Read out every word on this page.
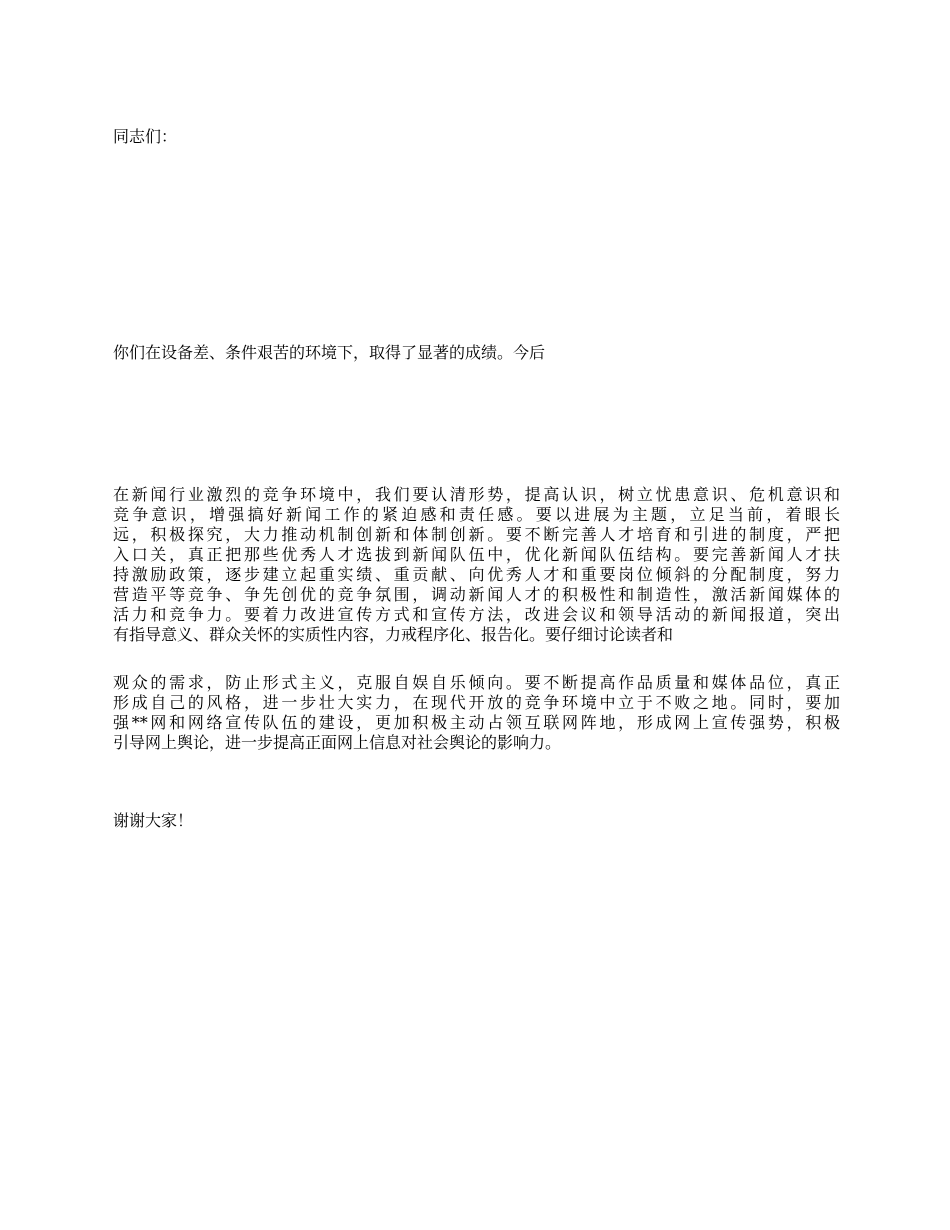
同志们：

你们在设备差、条件艰苦的环境下，取得了显著的成绩。今后

在新闻行业激烈的竞争环境中，我们要认清形势，提高认识，树立忧患意识、危机意识和
竞争意识，增强搞好新闻工作的紧迫感和责任感。要以进展为主题，立足当前，着眼长
远，积极探究，大力推动机制创新和体制创新。要不断完善人才培育和引进的制度，严把
入口关，真正把那些优秀人才选拔到新闻队伍中，优化新闻队伍结构。要完善新闻人才扶
持激励政策，逐步建立起重实绩、重贡献、向优秀人才和重要岗位倾斜的分配制度，努力
营造平等竞争、争先创优的竞争氛围，调动新闻人才的积极性和制造性，激活新闻媒体的
活力和竞争力。要着力改进宣传方式和宣传方法，改进会议和领导活动的新闻报道，突出
有指导意义、群众关怀的实质性内容，力戒程序化、报告化。要仔细讨论读者和
观众的需求，防止形式主义，克服自娱自乐倾向。要不断提高作品质量和媒体品位，真正
形成自己的风格，进一步壮大实力，在现代开放的竞争环境中立于不败之地。同时，要加
强**网和网络宣传队伍的建设，更加积极主动占领互联网阵地，形成网上宣传强势，积极
引导网上舆论，进一步提高正面网上信息对社会舆论的影响力。

谢谢大家！
